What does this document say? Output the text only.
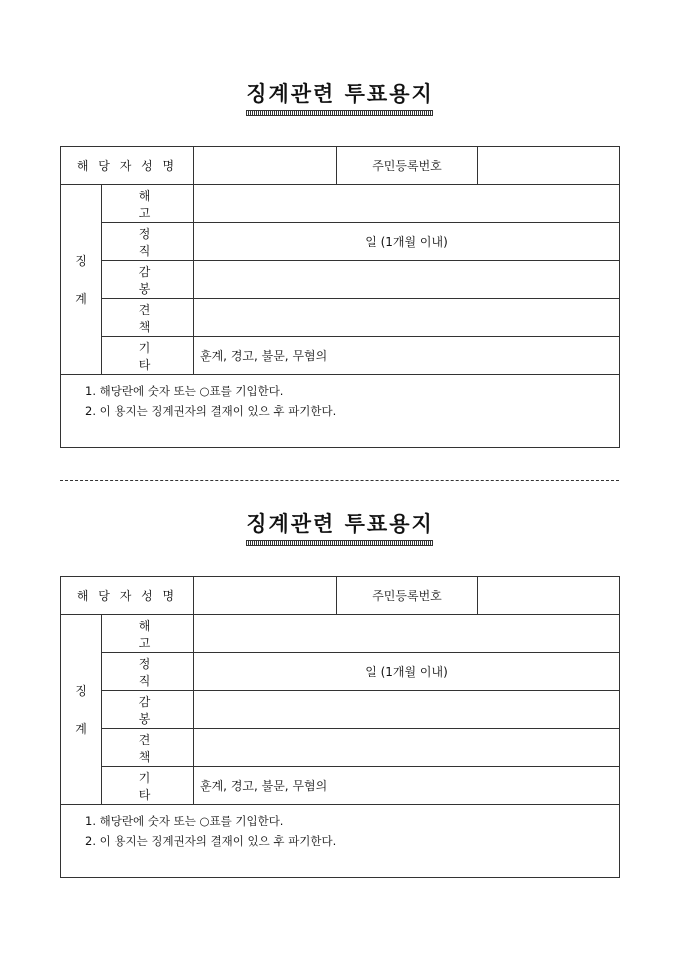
징계관련 투표용지
해 당 자 성 명			주민등록번호	

징
계	해고			
	정직	일 (1개월 이내)		
	감봉			
	견책			
	기타	훈계, 경고, 불문, 무혐의		

1. 해당란에 숫자 또는 ○표를 기입한다.
2. 이 용지는 징계권자의 결재이 있으 후 파기한다.				
징계관련 투표용지
해 당 자 성 명			주민등록번호	

징
계	해고			
	정직	일 (1개월 이내)		
	감봉			
	견책			
	기타	훈계, 경고, 불문, 무혐의		

1. 해당란에 숫자 또는 ○표를 기입한다.
2. 이 용지는 징계권자의 결재이 있으 후 파기한다.				
